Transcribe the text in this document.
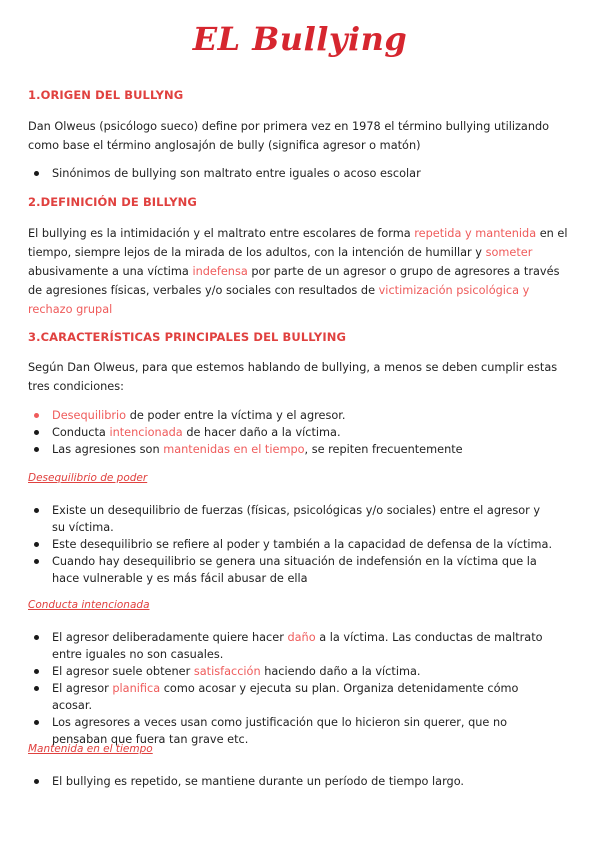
EL Bullying
1.ORIGEN DEL BULLYNG
Dan Olweus (psicólogo sueco) define por primera vez en 1978 el término bullying utilizando como base el término anglosajón de bully (significa agresor o matón)
Sinónimos de bullying son maltrato entre iguales o acoso escolar
2.DEFINICIÓN DE BILLYNG
El bullying es la intimidación y el maltrato entre escolares de forma repetida y mantenida en el tiempo, siempre lejos de la mirada de los adultos, con la intención de humillar y someter abusivamente a una víctima indefensa por parte de un agresor o grupo de agresores a través de agresiones físicas, verbales y/o sociales con resultados de victimización psicológica y rechazo grupal
3.CARACTERÍSTICAS PRINCIPALES DEL BULLYING
Según Dan Olweus, para que estemos hablando de bullying, a menos se deben cumplir estas tres condiciones:
Desequilibrio de poder entre la víctima y el agresor.
Conducta intencionada de hacer daño a la víctima.
Las agresiones son mantenidas en el tiempo, se repiten frecuentemente
Desequilibrio de poder
Existe un desequilibrio de fuerzas (físicas, psicológicas y/o sociales) entre el agresor y su víctima.
Este desequilibrio se refiere al poder y también a la capacidad de defensa de la víctima.
Cuando hay desequilibrio se genera una situación de indefensión en la víctima que la hace vulnerable y es más fácil abusar de ella
Conducta intencionada
El agresor deliberadamente quiere hacer daño a la víctima. Las conductas de maltrato entre iguales no son casuales.
El agresor suele obtener satisfacción haciendo daño a la víctima.
El agresor planifica como acosar y ejecuta su plan. Organiza detenidamente cómo acosar.
Los agresores a veces usan como justificación que lo hicieron sin querer, que no pensaban que fuera tan grave etc.
Mantenida en el tiempo
El bullying es repetido, se mantiene durante un período de tiempo largo.
